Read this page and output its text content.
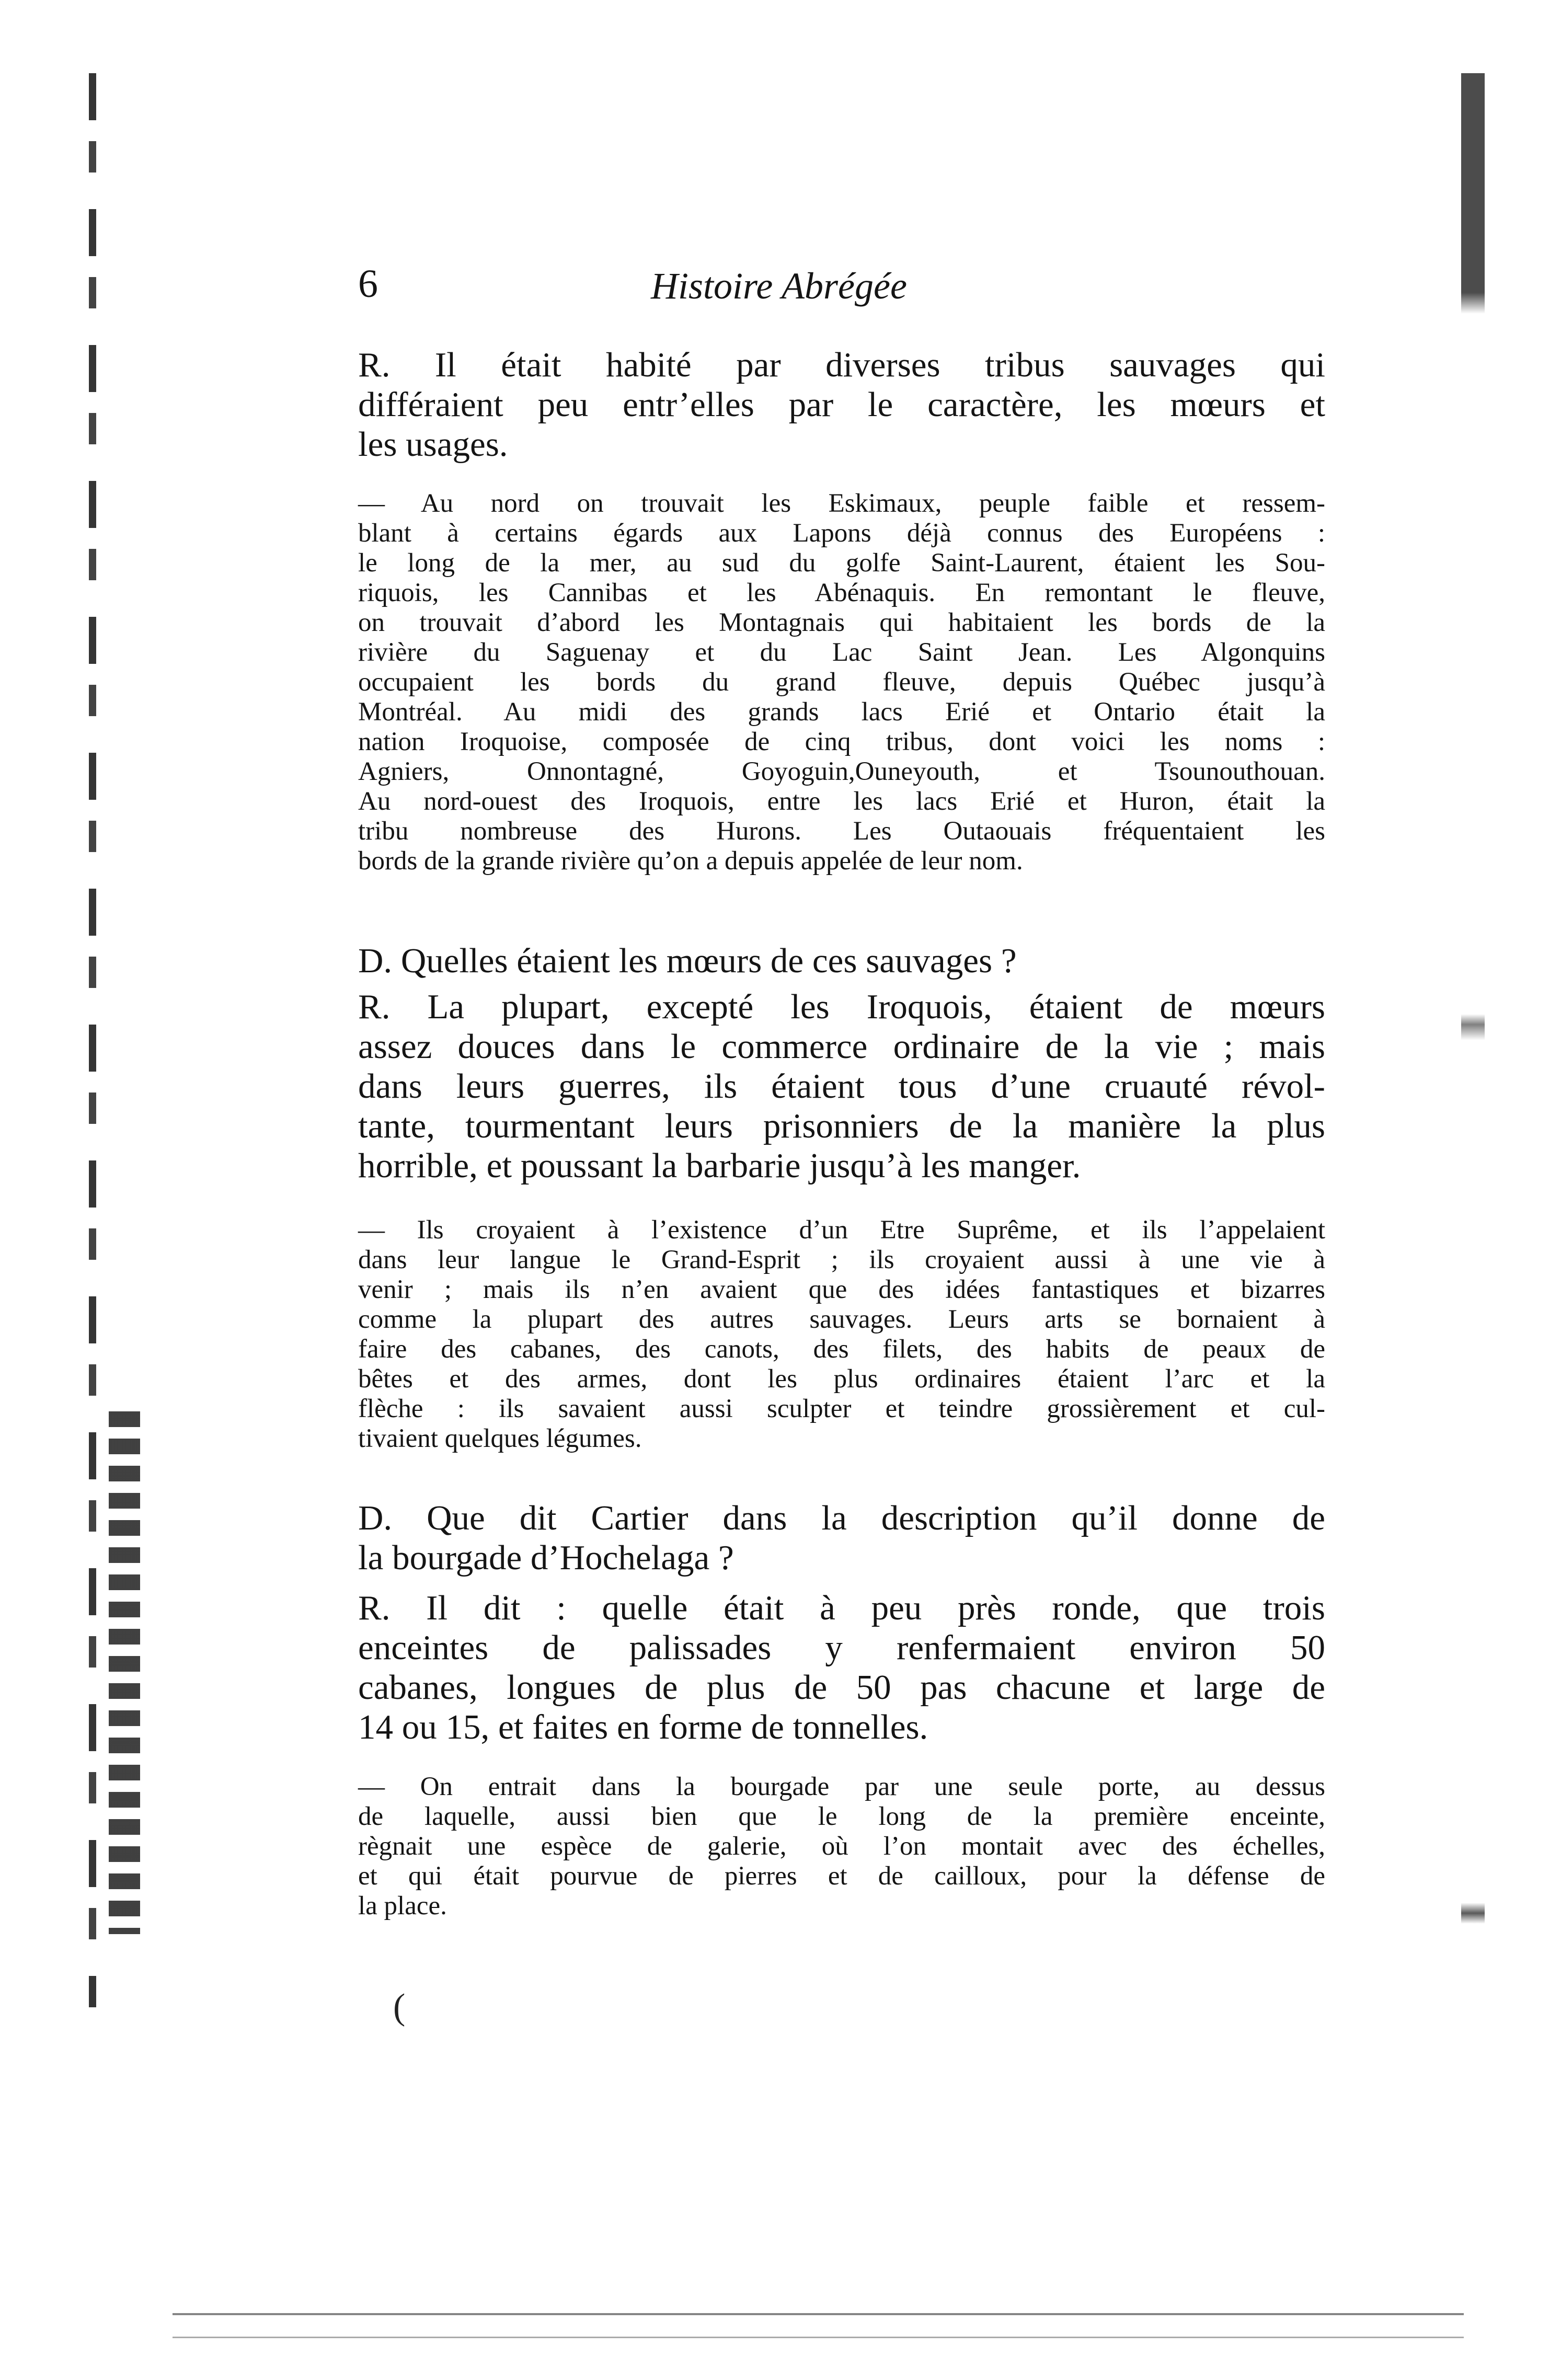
6	Histoire Abrégée

R. Il était habité par diverses tribus sauvages qui

différaient peu entr’elles par le caractère, les mœurs et

les usages.

— Au nord on trouvait les Eskimaux, peuple faible et ressem-

blant à certains égards aux Lapons déjà connus des Européens :

le long de la mer, au sud du golfe Saint-Laurent, étaient les Sou-

riquois, les Cannibas et les Abénaquis. En remontant le fleuve,

on trouvait d’abord les Montagnais qui habitaient les bords de la

rivière du Saguenay et du Lac Saint Jean. Les Algonquins

occupaient les bords du grand fleuve, depuis Québec jusqu’à

Montréal. Au midi des grands lacs Erié et Ontario était la

nation Iroquoise, composée de cinq tribus, dont voici les noms :

Agniers, Onnontagné, Goyoguin,Ouneyouth, et Tsounouthouan.

Au nord-ouest des Iroquois, entre les lacs Erié et Huron, était la

tribu nombreuse des Hurons. Les Outaouais fréquentaient les

bords de la grande rivière qu’on a depuis appelée de leur nom.

D. Quelles étaient les mœurs de ces sauvages ?

R. La plupart, excepté les Iroquois, étaient de mœurs

assez douces dans le commerce ordinaire de la vie ; mais

dans leurs guerres, ils étaient tous d’une cruauté révol-

tante, tourmentant leurs prisonniers de la manière la plus

horrible, et poussant la barbarie jusqu’à les manger.

— Ils croyaient à l’existence d’un Etre Suprême, et ils l’appelaient

dans leur langue le Grand-Esprit ; ils croyaient aussi à une vie à

venir ; mais ils n’en avaient que des idées fantastiques et bizarres

comme la plupart des autres sauvages. Leurs arts se bornaient à

faire des cabanes, des canots, des filets, des habits de peaux de

bêtes et des armes, dont les plus ordinaires étaient l’arc et la

flèche : ils savaient aussi sculpter et teindre grossièrement et cul-

tivaient quelques légumes.

D. Que dit Cartier dans la description qu’il donne de

la bourgade d’Hochelaga ?

R. Il dit : quelle était à peu près ronde, que trois

enceintes de palissades y renfermaient environ 50

cabanes, longues de plus de 50 pas chacune et large de

14 ou 15, et faites en forme de tonnelles.

— On entrait dans la bourgade par une seule porte, au dessus

de laquelle, aussi bien que le long de la première enceinte,

règnait une espèce de galerie, où l’on montait avec des échelles,

et qui était pourvue de pierres et de cailloux, pour la défense de

la place.

(
